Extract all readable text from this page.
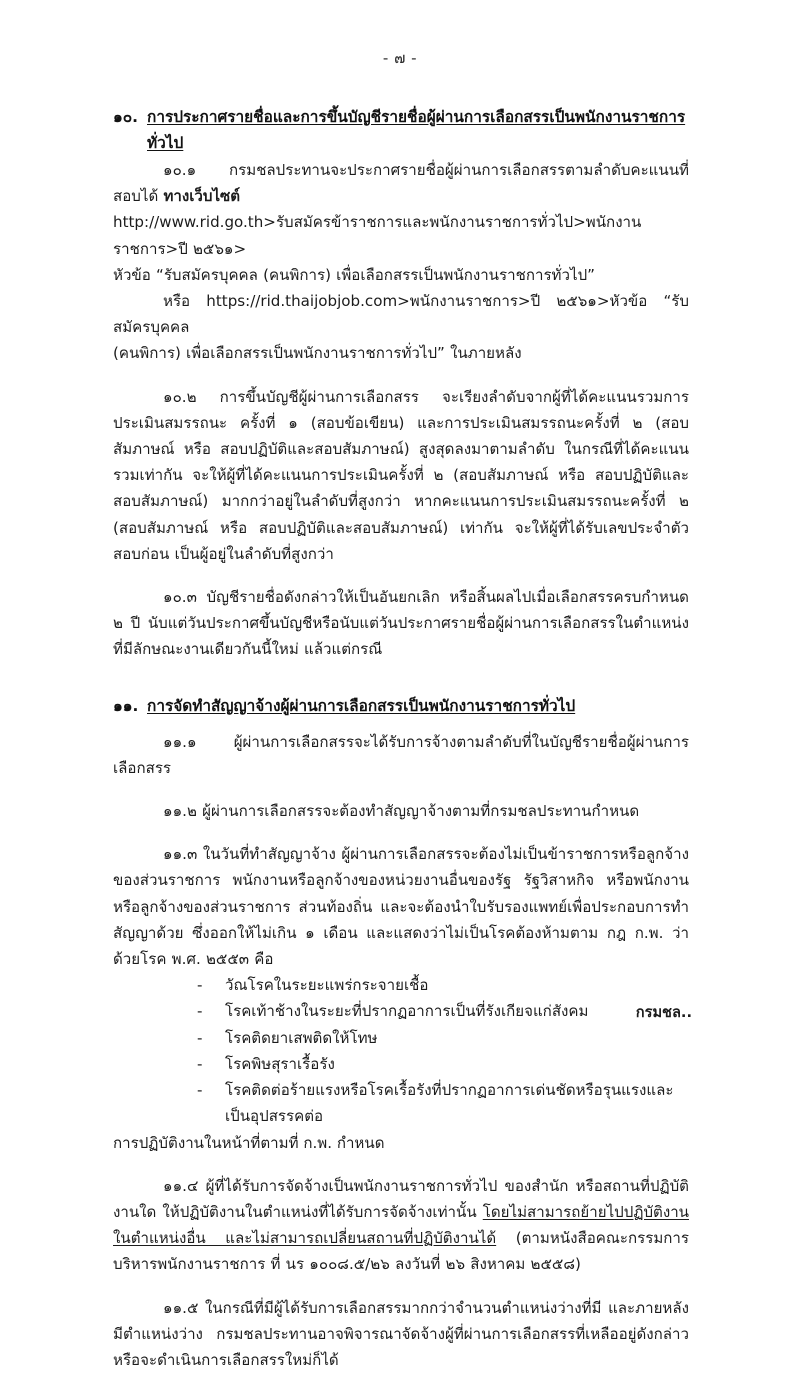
- ๗ -
๑๐. การประกาศรายชื่อและการขึ้นบัญชีรายชื่อผู้ผ่านการเลือกสรรเป็นพนักงานราชการทั่วไป

๑๐.๑ กรมชลประทานจะประกาศรายชื่อผู้ผ่านการเลือกสรรตามลำดับคะแนนที่สอบได้ ทางเว็บไซต์

http://www.rid.go.th>รับสมัครข้าราชการและพนักงานราชการทั่วไป>พนักงานราชการ>ปี ๒๕๖๑>

หัวข้อ “รับสมัครบุคคล (คนพิการ) เพื่อเลือกสรรเป็นพนักงานราชการทั่วไป”

หรือ https://rid.thaijobjob.com>พนักงานราชการ>ปี ๒๕๖๑>หัวข้อ “รับสมัครบุคคล

(คนพิการ) เพื่อเลือกสรรเป็นพนักงานราชการทั่วไป” ในภายหลัง

๑๐.๒ การขึ้นบัญชีผู้ผ่านการเลือกสรร จะเรียงลำดับจากผู้ที่ได้คะแนนรวมการประเมินสมรรถนะ ครั้งที่ ๑ (สอบข้อเขียน) และการประเมินสมรรถนะครั้งที่ ๒ (สอบสัมภาษณ์ หรือ สอบปฏิบัติและสอบสัมภาษณ์) สูงสุดลงมาตามลำดับ ในกรณีที่ได้คะแนนรวมเท่ากัน จะให้ผู้ที่ได้คะแนนการประเมินครั้งที่ ๒ (สอบสัมภาษณ์ หรือ สอบปฏิบัติและสอบสัมภาษณ์) มากกว่าอยู่ในลำดับที่สูงกว่า หากคะแนนการประเมินสมรรถนะครั้งที่ ๒ (สอบสัมภาษณ์ หรือ สอบปฏิบัติและสอบสัมภาษณ์) เท่ากัน จะให้ผู้ที่ได้รับเลขประจำตัวสอบก่อน เป็นผู้อยู่ในลำดับที่สูงกว่า

๑๐.๓ บัญชีรายชื่อดังกล่าวให้เป็นอันยกเลิก หรือสิ้นผลไปเมื่อเลือกสรรครบกำหนด ๒ ปี นับแต่วันประกาศขึ้นบัญชีหรือนับแต่วันประกาศรายชื่อผู้ผ่านการเลือกสรรในตำแหน่งที่มีลักษณะงานเดียวกันนี้ใหม่ แล้วแต่กรณี

๑๑. การจัดทำสัญญาจ้างผู้ผ่านการเลือกสรรเป็นพนักงานราชการทั่วไป

๑๑.๑ ผู้ผ่านการเลือกสรรจะได้รับการจ้างตามลำดับที่ในบัญชีรายชื่อผู้ผ่านการเลือกสรร

๑๑.๒ ผู้ผ่านการเลือกสรรจะต้องทำสัญญาจ้างตามที่กรมชลประทานกำหนด

๑๑.๓ ในวันที่ทำสัญญาจ้าง ผู้ผ่านการเลือกสรรจะต้องไม่เป็นข้าราชการหรือลูกจ้างของส่วนราชการ พนักงานหรือลูกจ้างของหน่วยงานอื่นของรัฐ รัฐวิสาหกิจ หรือพนักงานหรือลูกจ้างของส่วนราชการ ส่วนท้องถิ่น และจะต้องนำใบรับรองแพทย์เพื่อประกอบการทำสัญญาด้วย ซึ่งออกให้ไม่เกิน ๑ เดือน และแสดงว่าไม่เป็นโรคต้องห้ามตาม กฎ ก.พ. ว่าด้วยโรค พ.ศ. ๒๕๕๓ คือ

- วัณโรคในระยะแพร่กระจายเชื้อ
- โรคเท้าช้างในระยะที่ปรากฏอาการเป็นที่รังเกียจแก่สังคม
- โรคติดยาเสพติดให้โทษ
- โรคพิษสุราเรื้อรัง
- โรคติดต่อร้ายแรงหรือโรคเรื้อรังที่ปรากฏอาการเด่นชัดหรือรุนแรงและเป็นอุปสรรคต่อ

การปฏิบัติงานในหน้าที่ตามที่ ก.พ. กำหนด

๑๑.๔ ผู้ที่ได้รับการจัดจ้างเป็นพนักงานราชการทั่วไป ของสำนัก หรือสถานที่ปฏิบัติงานใด ให้ปฏิบัติงานในตำแหน่งที่ได้รับการจัดจ้างเท่านั้น โดยไม่สามารถย้ายไปปฏิบัติงานในตำแหน่งอื่น และไม่สามารถเปลี่ยนสถานที่ปฏิบัติงานได้ (ตามหนังสือคณะกรรมการบริหารพนักงานราชการ ที่ นร ๑๐๐๘.๕/๒๖ ลงวันที่ ๒๖ สิงหาคม ๒๕๕๘)

๑๑.๕ ในกรณีที่มีผู้ได้รับการเลือกสรรมากกว่าจำนวนตำแหน่งว่างที่มี และภายหลังมีตำแหน่งว่าง กรมชลประทานอาจพิจารณาจัดจ้างผู้ที่ผ่านการเลือกสรรที่เหลืออยู่ดังกล่าว หรือจะดำเนินการเลือกสรรใหม่ก็ได้

กรมชล..
